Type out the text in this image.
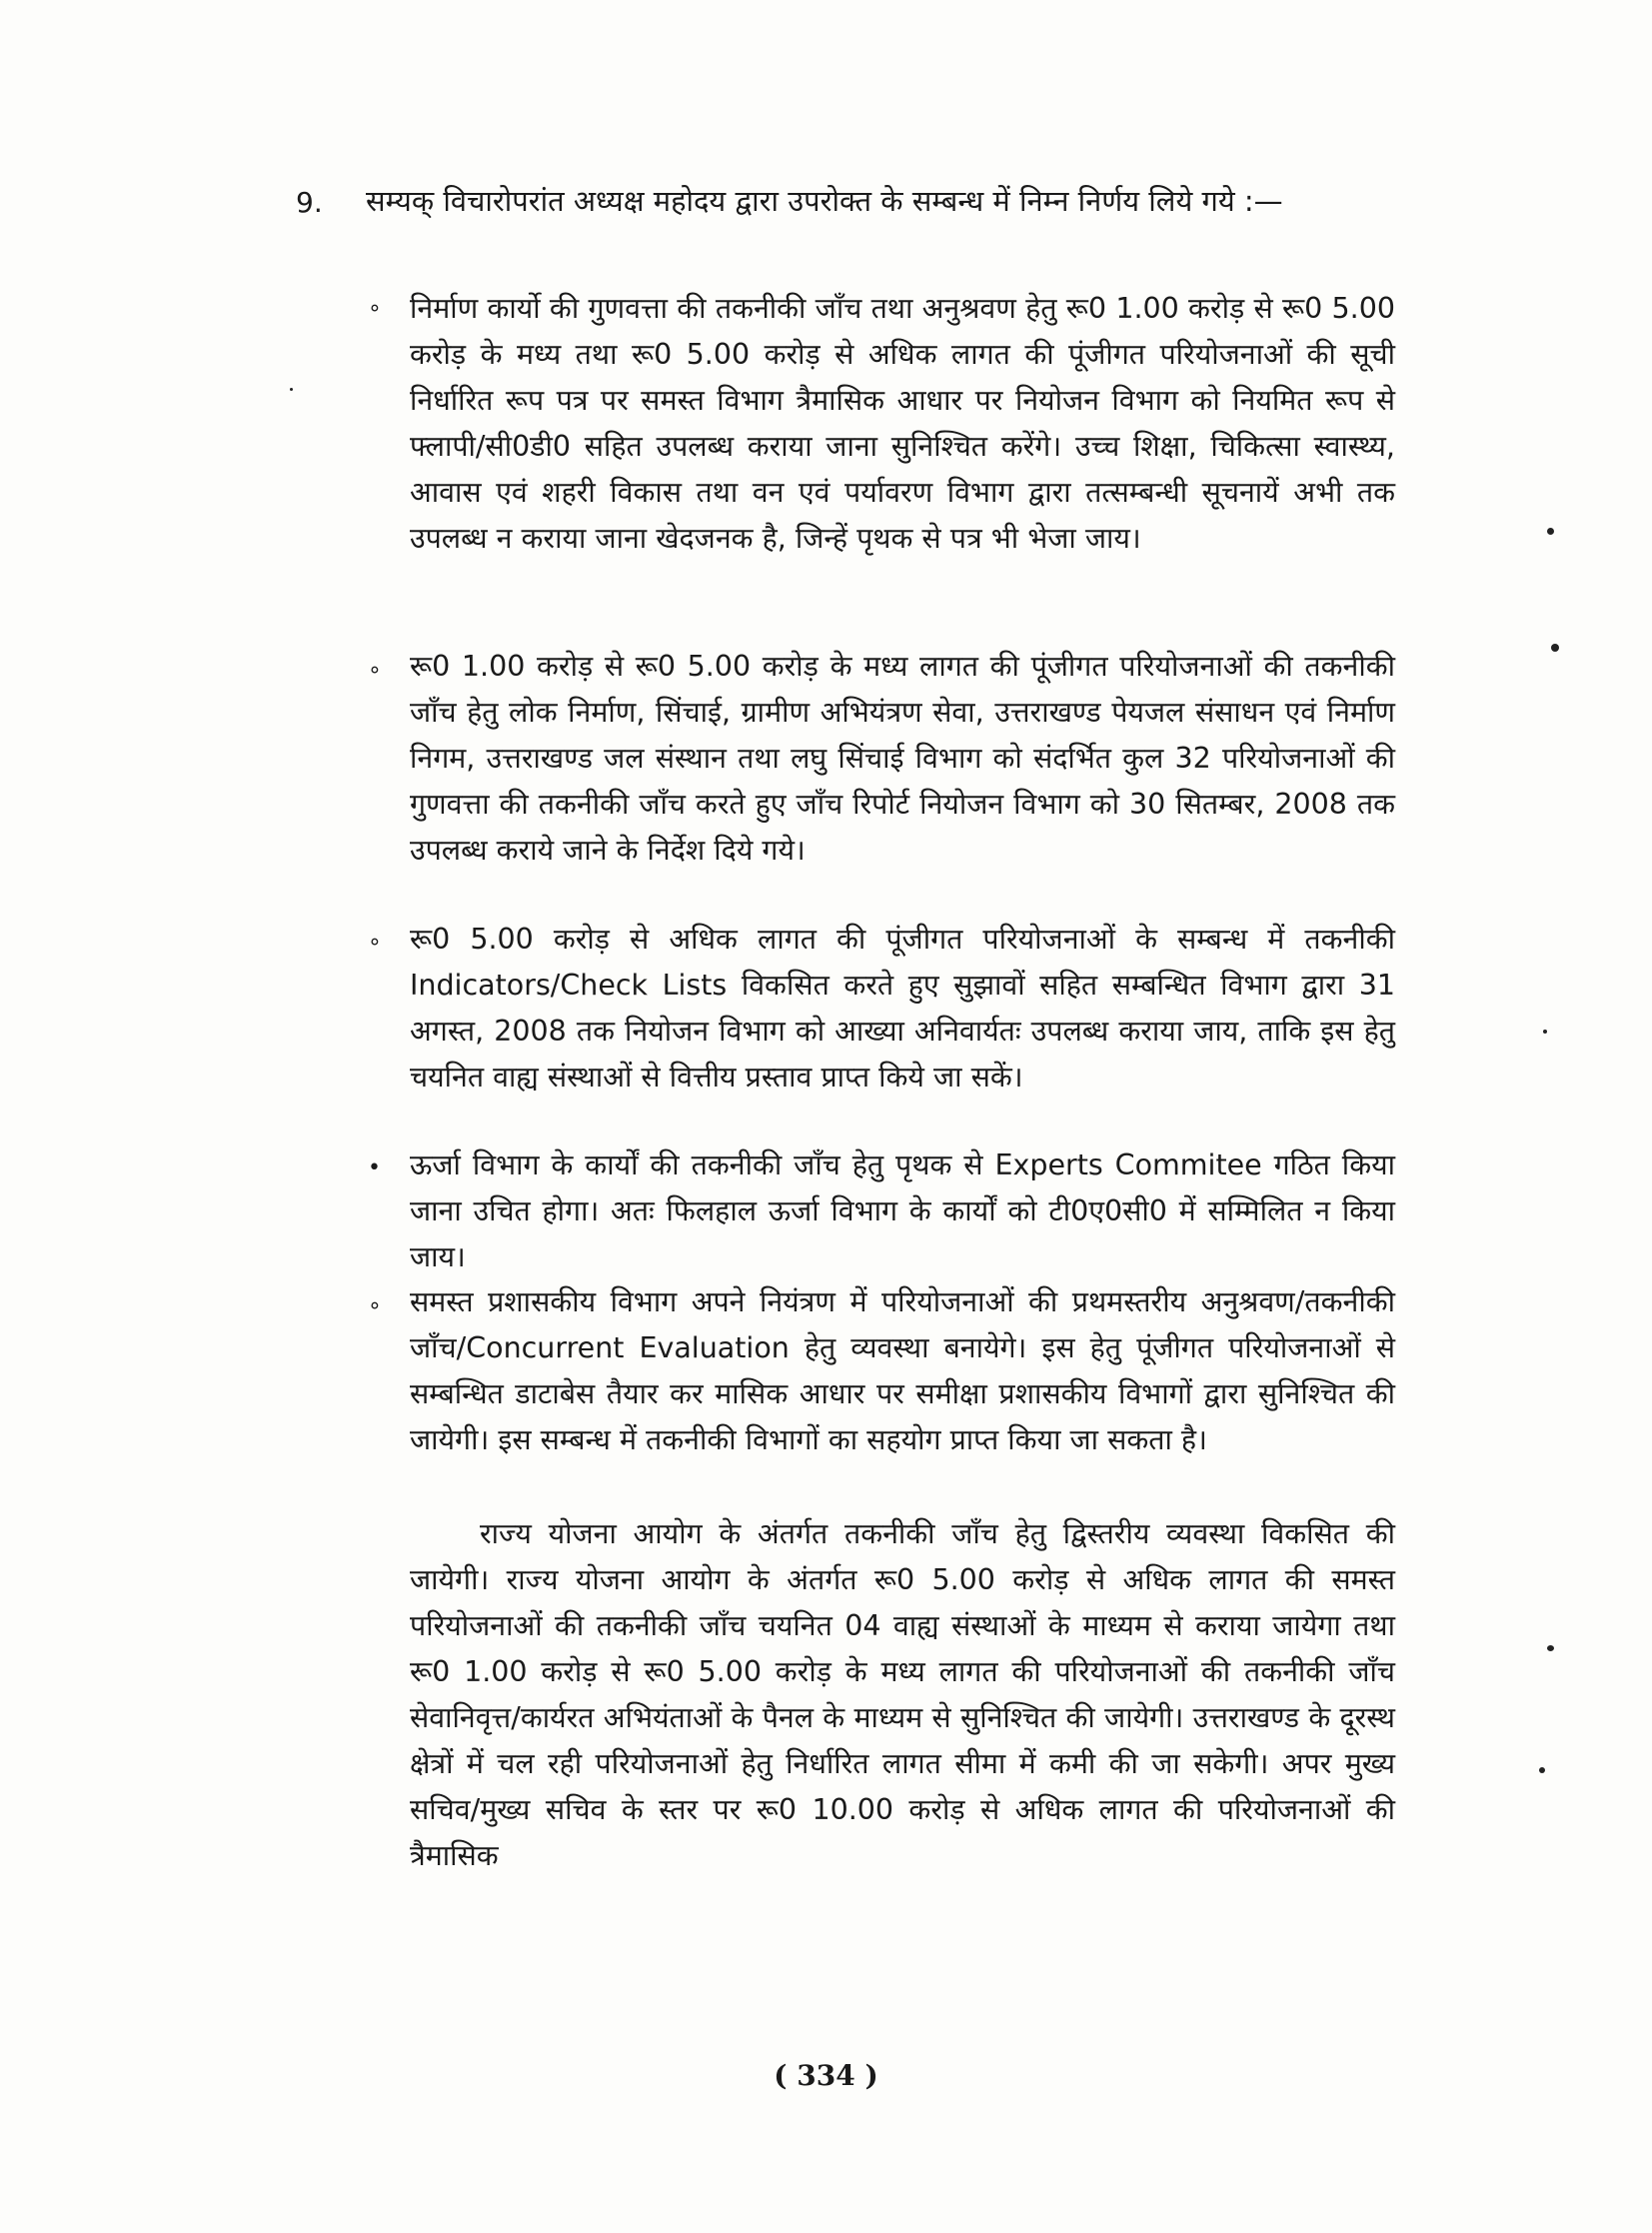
9. सम्यक् विचारोपरांत अध्यक्ष महोदय द्वारा उपरोक्त के सम्बन्ध में निम्न निर्णय लिये गये :—
∘ निर्माण कार्यो की गुणवत्ता की तकनीकी जाँच तथा अनुश्रवण हेतु रू0 1.00 करोड़ से रू0 5.00 करोड़ के मध्य तथा रू0 5.00 करोड़ से अधिक लागत की पूंजीगत परियोजनाओं की सूची निर्धारित रूप पत्र पर समस्त विभाग त्रैमासिक आधार पर नियोजन विभाग को नियमित रूप से फ्लापी/सी0डी0 सहित उपलब्ध कराया जाना सुनिश्चित करेंगे। उच्च शिक्षा, चिकित्सा स्वास्थ्य, आवास एवं शहरी विकास तथा वन एवं पर्यावरण विभाग द्वारा तत्सम्बन्धी सूचनायें अभी तक उपलब्ध न कराया जाना खेदजनक है, जिन्हें पृथक से पत्र भी भेजा जाय।
∘ रू0 1.00 करोड़ से रू0 5.00 करोड़ के मध्य लागत की पूंजीगत परियोजनाओं की तकनीकी जाँच हेतु लोक निर्माण, सिंचाई, ग्रामीण अभियंत्रण सेवा, उत्तराखण्ड पेयजल संसाधन एवं निर्माण निगम, उत्तराखण्ड जल संस्थान तथा लघु सिंचाई विभाग को संदर्भित कुल 32 परियोजनाओं की गुणवत्ता की तकनीकी जाँच करते हुए जाँच रिपोर्ट नियोजन विभाग को 30 सितम्बर, 2008 तक उपलब्ध कराये जाने के निर्देश दिये गये।
∘ रू0 5.00 करोड़ से अधिक लागत की पूंजीगत परियोजनाओं के सम्बन्ध में तकनीकी Indicators/Check Lists विकसित करते हुए सुझावों सहित सम्बन्धित विभाग द्वारा 31 अगस्त, 2008 तक नियोजन विभाग को आख्या अनिवार्यतः उपलब्ध कराया जाय, ताकि इस हेतु चयनित वाह्य संस्थाओं से वित्तीय प्रस्ताव प्राप्त किये जा सकें।
• ऊर्जा विभाग के कार्यों की तकनीकी जाँच हेतु पृथक से Experts Commitee गठित किया जाना उचित होगा। अतः फिलहाल ऊर्जा विभाग के कार्यों को टी0ए0सी0 में सम्मिलित न किया जाय।
∘ समस्त प्रशासकीय विभाग अपने नियंत्रण में परियोजनाओं की प्रथमस्तरीय अनुश्रवण/तकनीकी जाँच/Concurrent Evaluation हेतु व्यवस्था बनायेगे। इस हेतु पूंजीगत परियोजनाओं से सम्बन्धित डाटाबेस तैयार कर मासिक आधार पर समीक्षा प्रशासकीय विभागों द्वारा सुनिश्चित की जायेगी। इस सम्बन्ध में तकनीकी विभागों का सहयोग प्राप्त किया जा सकता है।
राज्य योजना आयोग के अंतर्गत तकनीकी जाँच हेतु द्विस्तरीय व्यवस्था विकसित की जायेगी। राज्य योजना आयोग के अंतर्गत रू0 5.00 करोड़ से अधिक लागत की समस्त परियोजनाओं की तकनीकी जाँच चयनित 04 वाह्य संस्थाओं के माध्यम से कराया जायेगा तथा रू0 1.00 करोड़ से रू0 5.00 करोड़ के मध्य लागत की परियोजनाओं की तकनीकी जाँच सेवानिवृत्त/कार्यरत अभियंताओं के पैनल के माध्यम से सुनिश्चित की जायेगी। उत्तराखण्ड के दूरस्थ क्षेत्रों में चल रही परियोजनाओं हेतु निर्धारित लागत सीमा में कमी की जा सकेगी। अपर मुख्य सचिव/मुख्य सचिव के स्तर पर रू0 10.00 करोड़ से अधिक लागत की परियोजनाओं की त्रैमासिक
( 334 )
